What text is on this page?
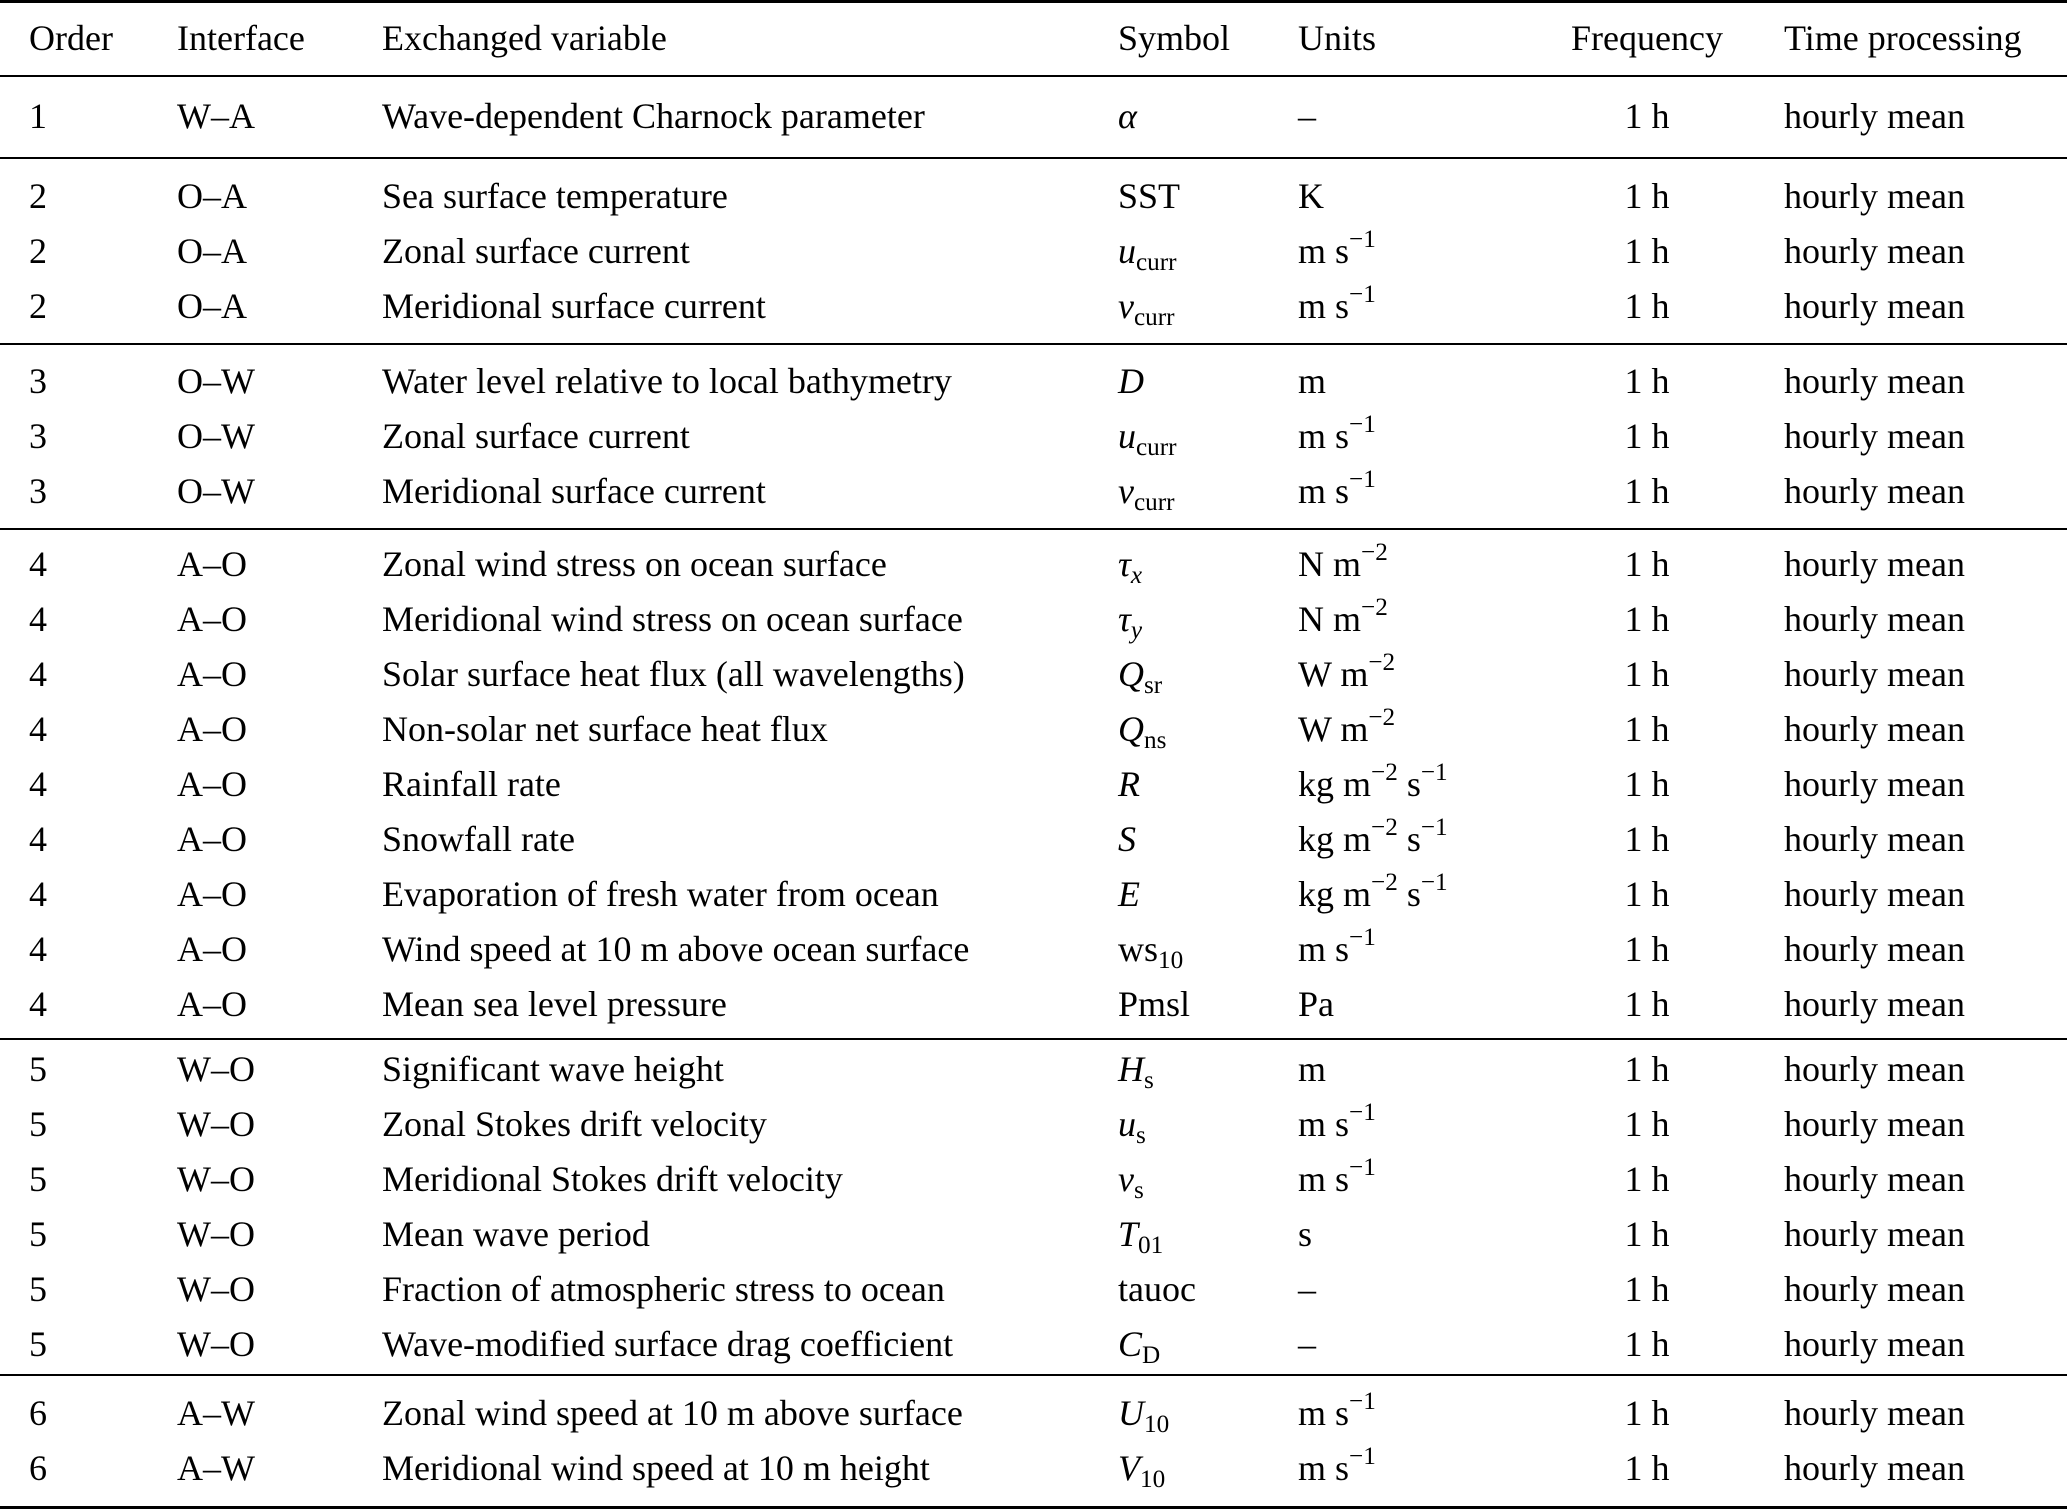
Order	Interface	Exchanged variable	Symbol	Units	Frequency	Time processing
1	W–A	Wave-dependent Charnock parameter	α	–	1 h	hourly mean
2	O–A	Sea surface temperature	SST	K	1 h	hourly mean
2	O–A	Zonal surface current	$u_{curr}$	m $s^{-1}$	1 h	hourly mean
2	O–A	Meridional surface current	$v_{curr}$	m $s^{-1}$	1 h	hourly mean
3	O–W	Water level relative to local bathymetry	D	m	1 h	hourly mean
3	O–W	Zonal surface current	$u_{curr}$	m $s^{-1}$	1 h	hourly mean
3	O–W	Meridional surface current	$v_{curr}$	m $s^{-1}$	1 h	hourly mean
4	A–O	Zonal wind stress on ocean surface	$\tau_x$	N $m^{-2}$	1 h	hourly mean
4	A–O	Meridional wind stress on ocean surface	$\tau_y$	N $m^{-2}$	1 h	hourly mean
4	A–O	Solar surface heat flux (all wavelengths)	$Q_{sr}$	W $m^{-2}$	1 h	hourly mean
4	A–O	Non-solar net surface heat flux	$Q_{ns}$	W $m^{-2}$	1 h	hourly mean
4	A–O	Rainfall rate	R	kg $m^{-2}$ $s^{-1}$	1 h	hourly mean
4	A–O	Snowfall rate	S	kg $m^{-2}$ $s^{-1}$	1 h	hourly mean
4	A–O	Evaporation of fresh water from ocean	E	kg $m^{-2}$ $s^{-1}$	1 h	hourly mean
4	A–O	Wind speed at 10 m above ocean surface	$ws_{10}$	m $s^{-1}$	1 h	hourly mean
4	A–O	Mean sea level pressure	Pmsl	Pa	1 h	hourly mean
5	W–O	Significant wave height	$H_s$	m	1 h	hourly mean
5	W–O	Zonal Stokes drift velocity	$u_s$	m $s^{-1}$	1 h	hourly mean
5	W–O	Meridional Stokes drift velocity	$v_s$	m $s^{-1}$	1 h	hourly mean
5	W–O	Mean wave period	$T_{01}$	s	1 h	hourly mean
5	W–O	Fraction of atmospheric stress to ocean	tauoc	–	1 h	hourly mean
5	W–O	Wave-modified surface drag coefficient	$C_D$	–	1 h	hourly mean
6	A–W	Zonal wind speed at 10 m above surface	$U_{10}$	m $s^{-1}$	1 h	hourly mean
6	A–W	Meridional wind speed at 10 m height	$V_{10}$	m $s^{-1}$	1 h	hourly mean
